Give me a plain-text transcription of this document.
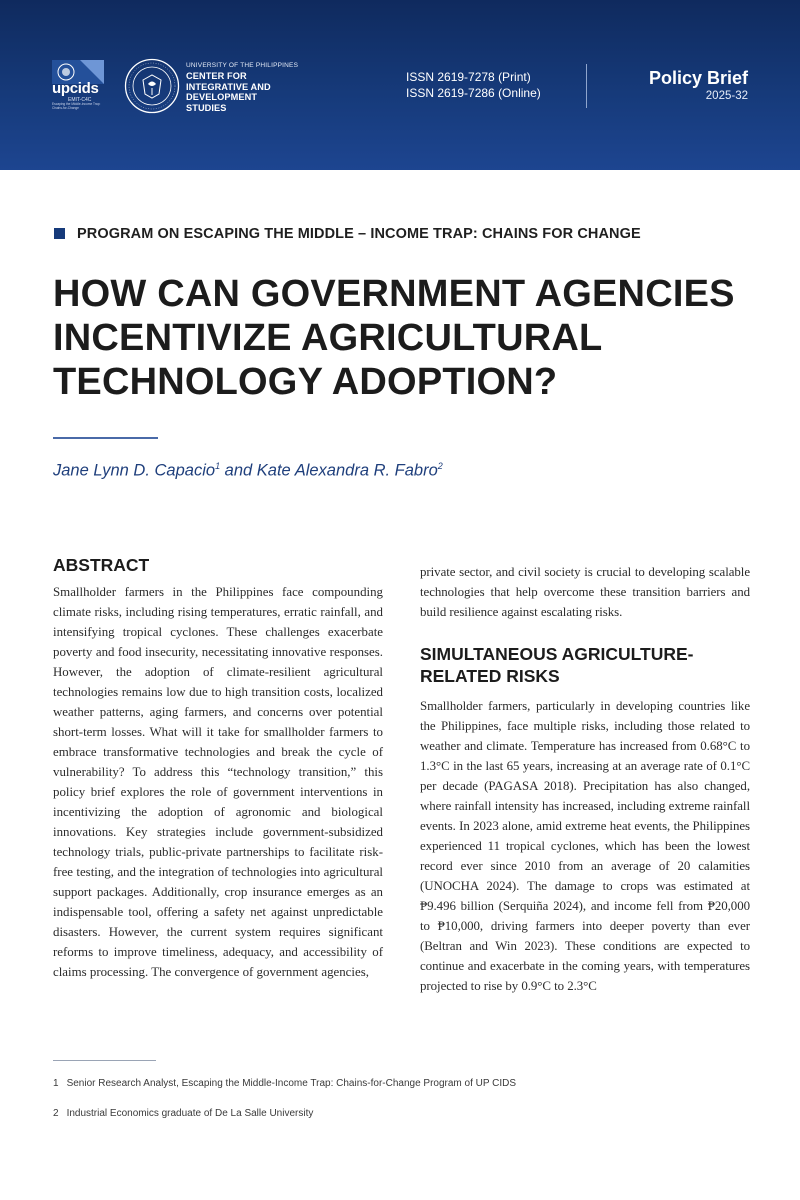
upcids
EMIT-C4C
Escaping the Middle-Income Trap: Chains-for-Change
UNIVERSITY OF THE PHILIPPINES
CENTER FOR
INTEGRATIVE AND
DEVELOPMENT
STUDIES
ISSN 2619-7278 (Print)
ISSN 2619-7286 (Online)
Policy Brief
2025-32
PROGRAM ON ESCAPING THE MIDDLE – INCOME TRAP: CHAINS FOR CHANGE
HOW CAN GOVERNMENT AGENCIES INCENTIVIZE AGRICULTURAL TECHNOLOGY ADOPTION?
Jane Lynn D. Capacio$^1$ and Kate Alexandra R. Fabro$^2$
ABSTRACT

Smallholder farmers in the Philippines face compounding climate risks, including rising temperatures, erratic rainfall, and intensifying tropical cyclones. These challenges exacerbate poverty and food insecurity, necessitating innovative responses. However, the adoption of climate-resilient agricultural technologies remains low due to high transition costs, localized weather patterns, aging farmers, and concerns over potential short-term losses. What will it take for smallholder farmers to embrace transformative technologies and break the cycle of vulnerability? To address this “technology transition,” this policy brief explores the role of government interventions in incentivizing the adoption of agronomic and biological innovations. Key strategies include government-subsidized technology trials, public-private partnerships to facilitate risk-free testing, and the integration of technologies into agricultural support packages. Additionally, crop insurance emerges as an indispensable tool, offering a safety net against unpredictable disasters. However, the current system requires significant reforms to improve timeliness, adequacy, and accessibility of claims processing. The convergence of government agencies,

private sector, and civil society is crucial to developing scalable technologies that help overcome these transition barriers and build resilience against escalating risks.

SIMULTANEOUS AGRICULTURE-RELATED RISKS

Smallholder farmers, particularly in developing countries like the Philippines, face multiple risks, including those related to weather and climate. Temperature has increased from 0.68°C to 1.3°C in the last 65 years, increasing at an average rate of 0.1°C per decade (PAGASA 2018). Precipitation has also changed, where rainfall intensity has increased, including extreme rainfall events. In 2023 alone, amid extreme heat events, the Philippines experienced 11 tropical cyclones, which has been the lowest record ever since 2010 from an average of 20 calamities (UNOCHA 2024). The damage to crops was estimated at ₱9.496 billion (Serquiña 2024), and income fell from ₱20,000 to ₱10,000, driving farmers into deeper poverty than ever (Beltran and Win 2023). These conditions are expected to continue and exacerbate in the coming years, with temperatures projected to rise by 0.9°C to 2.3°C

1 Senior Research Analyst, Escaping the Middle-Income Trap: Chains-for-Change Program of UP CIDS
2 Industrial Economics graduate of De La Salle University
